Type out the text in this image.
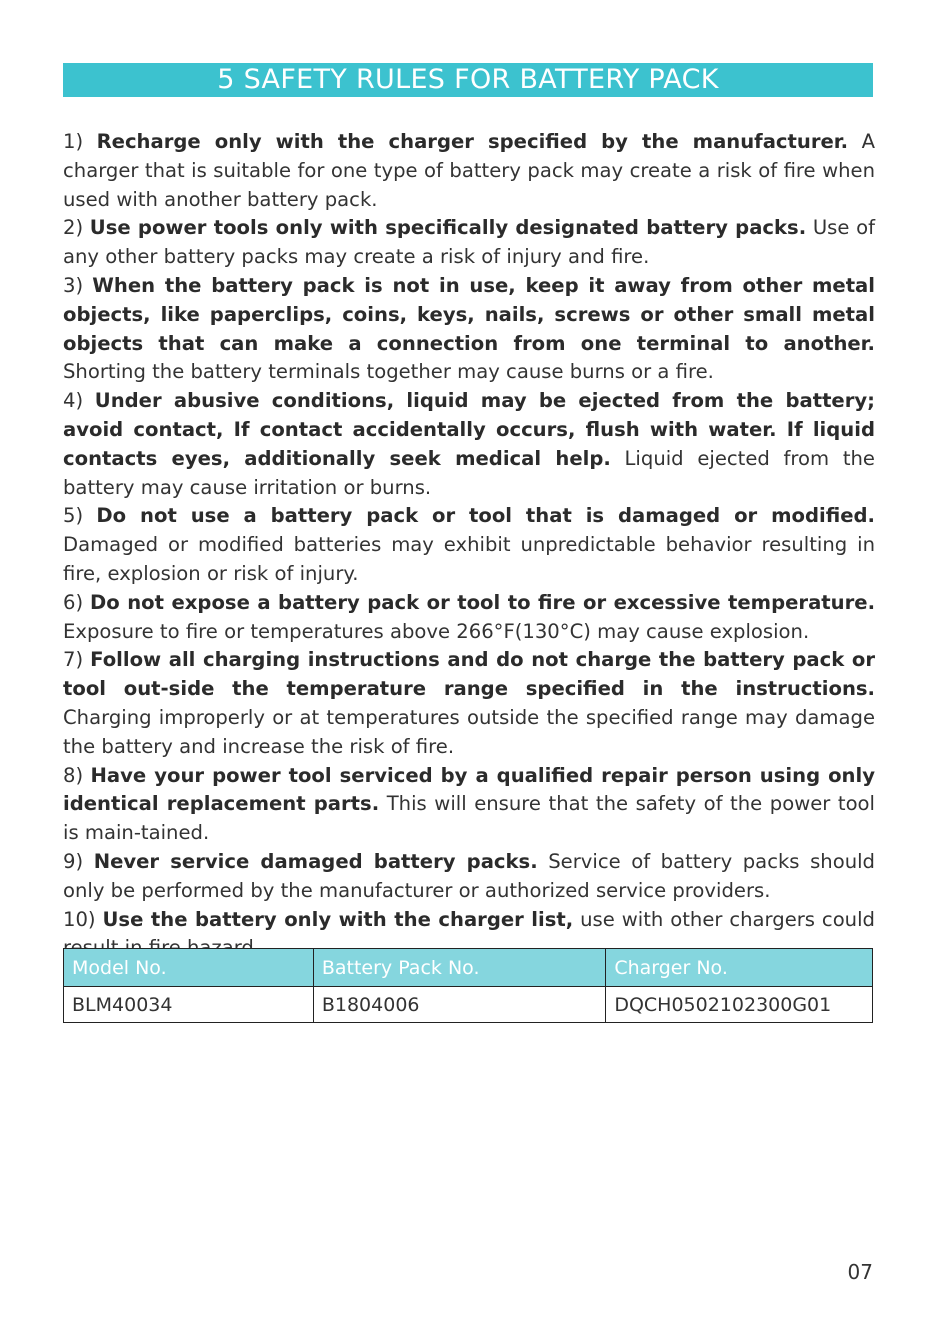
5 SAFETY RULES FOR BATTERY PACK

1) Recharge only with the charger specified by the manufacturer. A charger that is suitable for one type of battery pack may create a risk of fire when used with another battery pack.

2) Use power tools only with specifically designated battery packs. Use of any other battery packs may create a risk of injury and fire.

3) When the battery pack is not in use, keep it away from other metal objects, like paperclips, coins, keys, nails, screws or other small metal objects that can make a connection from one terminal to another. Shorting the battery terminals together may cause burns or a fire.

4) Under abusive conditions, liquid may be ejected from the battery; avoid contact, If contact accidentally occurs, flush with water. If liquid contacts eyes, additionally seek medical help. Liquid ejected from the battery may cause irritation or burns.

5) Do not use a battery pack or tool that is damaged or modified. Damaged or modified batteries may exhibit unpredictable behavior resulting in fire, explosion or risk of injury.

6) Do not expose a battery pack or tool to fire or excessive temperature. Exposure to fire or temperatures above 266°F(130°C) may cause explosion.

7) Follow all charging instructions and do not charge the battery pack or tool out-side the temperature range specified in the instructions. Charging improperly or at temperatures outside the specified range may damage the battery and increase the risk of fire.

8) Have your power tool serviced by a qualified repair person using only identical replacement parts. This will ensure that the safety of the power tool is main-tained.

9) Never service damaged battery packs. Service of battery packs should only be performed by the manufacturer or authorized service providers.

10) Use the battery only with the charger list, use with other chargers could

Model No.	Battery Pack No.	Charger No.
BLM40034	B1804006	DQCH0502102300G01
07
